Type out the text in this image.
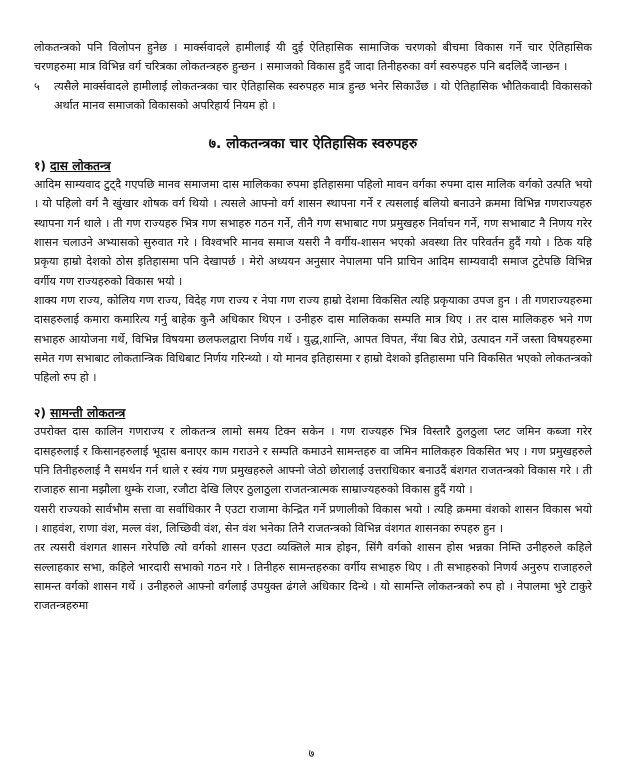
लोकतन्त्रको पनि विलोपन हुनेछ । मार्क्सवादले हामीलाई यी दुई ऐतिहासिक सामाजिक चरणको बीचमा विकास गर्ने चार ऐतिहासिक चरणहरुमा मात्र विभिन्न वर्ग चरित्रका लोकतन्त्रहरु हुन्छन । समाजको विकास हुदैं जादा तिनीहरुका वर्ग स्वरुपहरु पनि बदलिदैं जान्छन ।

५	त्यसैले मार्क्सवादले हामीलाई लोकतन्त्रका चार ऐतिहासिक स्वरुपहरु मात्र हुन्छ भनेर सिकाउँछ । यो ऐतिहासिक भौतिकवादी विकासको अर्थात मानव समाजको विकासको अपरिहार्य नियम हो ।

७. लोकतन्त्रका चार ऐतिहासिक स्वरुपहरु
१) दास लोकतन्त्र

आदिम साम्यवाद टुट्दै गएपछि मानव समाजमा दास मालिकका रुपमा इतिहासमा पहिलो मावन वर्गका रुपमा दास मालिक वर्गको उत्पति भयो । यो पहिलो वर्ग नै खुंखार शोषक वर्ग थियो । त्यसले आफ्नो वर्ग शासन स्थापना गर्ने र त्यसलाई बलियो बनाउने क्रममा विभिन्न गणराज्यहरु स्थापना गर्न थाले । ती गण राज्यहरु भित्र गण सभाहरु गठन गर्ने, तीनै गण सभाबाट गण प्रमुखहरु निर्वाचन गर्ने, गण सभाबाट नै निणय गरेर शासन चलाउने अभ्यासको सुरुवात गरे । विश्वभरि मानव समाज यसरी नै वर्गीय-शासन भएको अवस्था तिर परिवर्तन हुदैं गयो । ठिक यहि प्रकृया हाम्रो देशको ठोस इतिहासमा पनि देखापर्छ । मेरो अध्ययन अनुसार नेपालमा पनि प्राचिन आदिम साम्यवादी समाज टुटेपछि विभिन्न वर्गीय गण राज्यहरुको विकास भयो ।

शाक्य गण राज्य, कोलिय गण राज्य, विदेह गण राज्य र नेपा गण राज्य हाम्रो देशमा विकसित त्यहि प्रकृयाका उपज हुन । ती गणराज्यहरुमा दासहरुलाई कमारा कमारित्य गर्नु बाहेक कुनै अधिकार थिएन । उनीहरु दास मालिकका सम्पति मात्र थिए । तर दास मालिकहरु भने गण सभाहरु आयोजना गर्थे, विभिन्न विषयमा छलफलद्वारा निर्णय गर्थे । युद्ध,शान्ति, आपत विपत, नँया बिउ रोप्ने, उत्पादन गर्ने जस्ता विषयहरुमा समेत गण सभाबाट लोकतान्त्रिक विधिबाट निर्णय गरिन्थ्यो । यो मानव इतिहासमा र हाम्रो देशको इतिहासमा पनि विकसित भएको लोकतन्त्रको पहिलो रुप हो ।

२) सामन्ती लोकतन्त्र

उपरोक्त दास कालिन गणराज्य र लोकतन्त्र लामो समय टिक्न सकेन । गण राज्यहरु भित्र विस्तारै ठुलठुला प्लट जमिन कब्जा गरेर दासहरुलाई र किसानहरुलाई भूदास बनाएर काम गराउने र सम्पति कमाउने सामन्तहरु वा जमिन मालिकहरु विकसित भए । गण प्रमुखहरुले पनि तिनीहरुलाई नै समर्थन गर्न थाले र स्वंय गण प्रमुखहरुले आफ्नो जेठो छोरालाई उत्तराधिकार बनाउदैं बंशगत राजतन्त्रको विकास गरे । ती राजाहरु साना मझौला थुम्के राजा, रजौटा देखि लिएर ठुलाठुला राजतन्त्रात्मक साम्राज्यहरुको विकास हुदैं गयो ।

यसरी राज्यको सार्वभौम सत्ता वा सर्वाधिकार नै एउटा राजामा केन्द्रित गर्ने प्रणालीको विकास भयो । त्यहि क्रममा वंशको शासन विकास भयो । शाहवंश, राणा वंश, मल्ल वंश, लिच्छिवी वंश, सेन वंश भनेका तिनै राजतन्त्रको विभिन्न वंशगत शासनका रुपहरु हुन ।

तर त्यसरी वंशगत शासन गरेपछि त्यो वर्गको शासन एउटा व्यक्तिले मात्र होइन, सिंगै वर्गको शासन होस भन्नका निम्ति उनीहरुले कहिले सल्लाहकार सभा, कहिले भारदारी सभाको गठन गरे । तिनीहरु सामन्तहरुका वर्गीय सभाहरु थिए । ती सभाहरुको निणर्य अनुरुप राजाहरुले सामन्त वर्गको शासन गर्थे । उनीहरुले आफ्नो वर्गलाई उपयुक्त ढंगले अधिकार दिन्थे । यो सामन्ति लोकतन्त्रको रुप हो । नेपालमा भुरे टाकुरे राजतन्त्रहरुमा

७
